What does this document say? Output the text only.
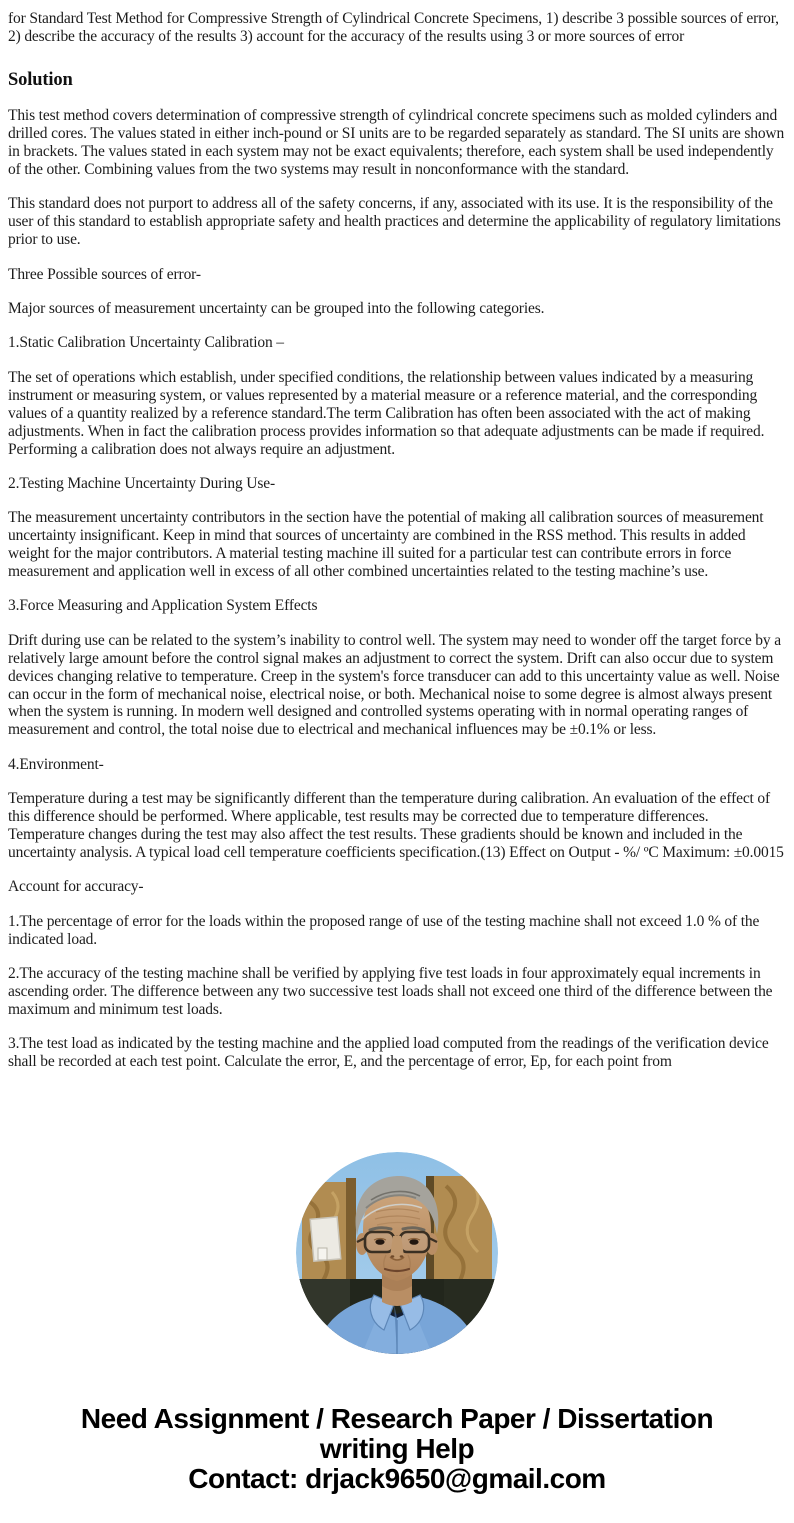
for Standard Test Method for Compressive Strength of Cylindrical Concrete Specimens, 1) describe 3 possible sources of error, 2) describe the accuracy of the results 3) account for the accuracy of the results using 3 or more sources of error

Solution

This test method covers determination of compressive strength of cylindrical concrete specimens such as molded cylinders and drilled cores. The values stated in either inch-pound or SI units are to be regarded separately as standard. The SI units are shown in brackets. The values stated in each system may not be exact equivalents; therefore, each system shall be used independently of the other. Combining values from the two systems may result in nonconformance with the standard.

This standard does not purport to address all of the safety concerns, if any, associated with its use. It is the responsibility of the user of this standard to establish appropriate safety and health practices and determine the applicability of regulatory limitations prior to use.

Three Possible sources of error-

Major sources of measurement uncertainty can be grouped into the following categories.

1.Static Calibration Uncertainty Calibration –

The set of operations which establish, under specified conditions, the relationship between values indicated by a measuring instrument or measuring system, or values represented by a material measure or a reference material, and the corresponding values of a quantity realized by a reference standard.The term Calibration has often been associated with the act of making adjustments. When in fact the calibration process provides information so that adequate adjustments can be made if required. Performing a calibration does not always require an adjustment.

2.Testing Machine Uncertainty During Use-

The measurement uncertainty contributors in the section have the potential of making all calibration sources of measurement uncertainty insignificant. Keep in mind that sources of uncertainty are combined in the RSS method. This results in added weight for the major contributors. A material testing machine ill suited for a particular test can contribute errors in force measurement and application well in excess of all other combined uncertainties related to the testing machine’s use.

3.Force Measuring and Application System Effects

Drift during use can be related to the system’s inability to control well. The system may need to wonder off the target force by a relatively large amount before the control signal makes an adjustment to correct the system. Drift can also occur due to system devices changing relative to temperature. Creep in the system's force transducer can add to this uncertainty value as well. Noise can occur in the form of mechanical noise, electrical noise, or both. Mechanical noise to some degree is almost always present when the system is running. In modern well designed and controlled systems operating with in normal operating ranges of measurement and control, the total noise due to electrical and mechanical influences may be ±0.1% or less.

4.Environment-

Temperature during a test may be significantly different than the temperature during calibration. An evaluation of the effect of this difference should be performed. Where applicable, test results may be corrected due to temperature differences. Temperature changes during the test may also affect the test results. These gradients should be known and included in the uncertainty analysis. A typical load cell temperature coefficients specification.(13) Effect on Output - %/ ºC Maximum: ±0.0015

Account for accuracy-

1.The percentage of error for the loads within the proposed range of use of the testing machine shall not exceed 1.0 % of the indicated load.

2.The accuracy of the testing machine shall be verified by applying five test loads in four approximately equal increments in ascending order. The difference between any two successive test loads shall not exceed one third of the difference between the maximum and minimum test loads.

3.The test load as indicated by the testing machine and the applied load computed from the readings of the verification device shall be recorded at each test point. Calculate the error, E, and the percentage of error, Ep, for each point from

Need Assignment / Research Paper / Dissertation
writing Help
Contact: drjack9650@gmail.com
